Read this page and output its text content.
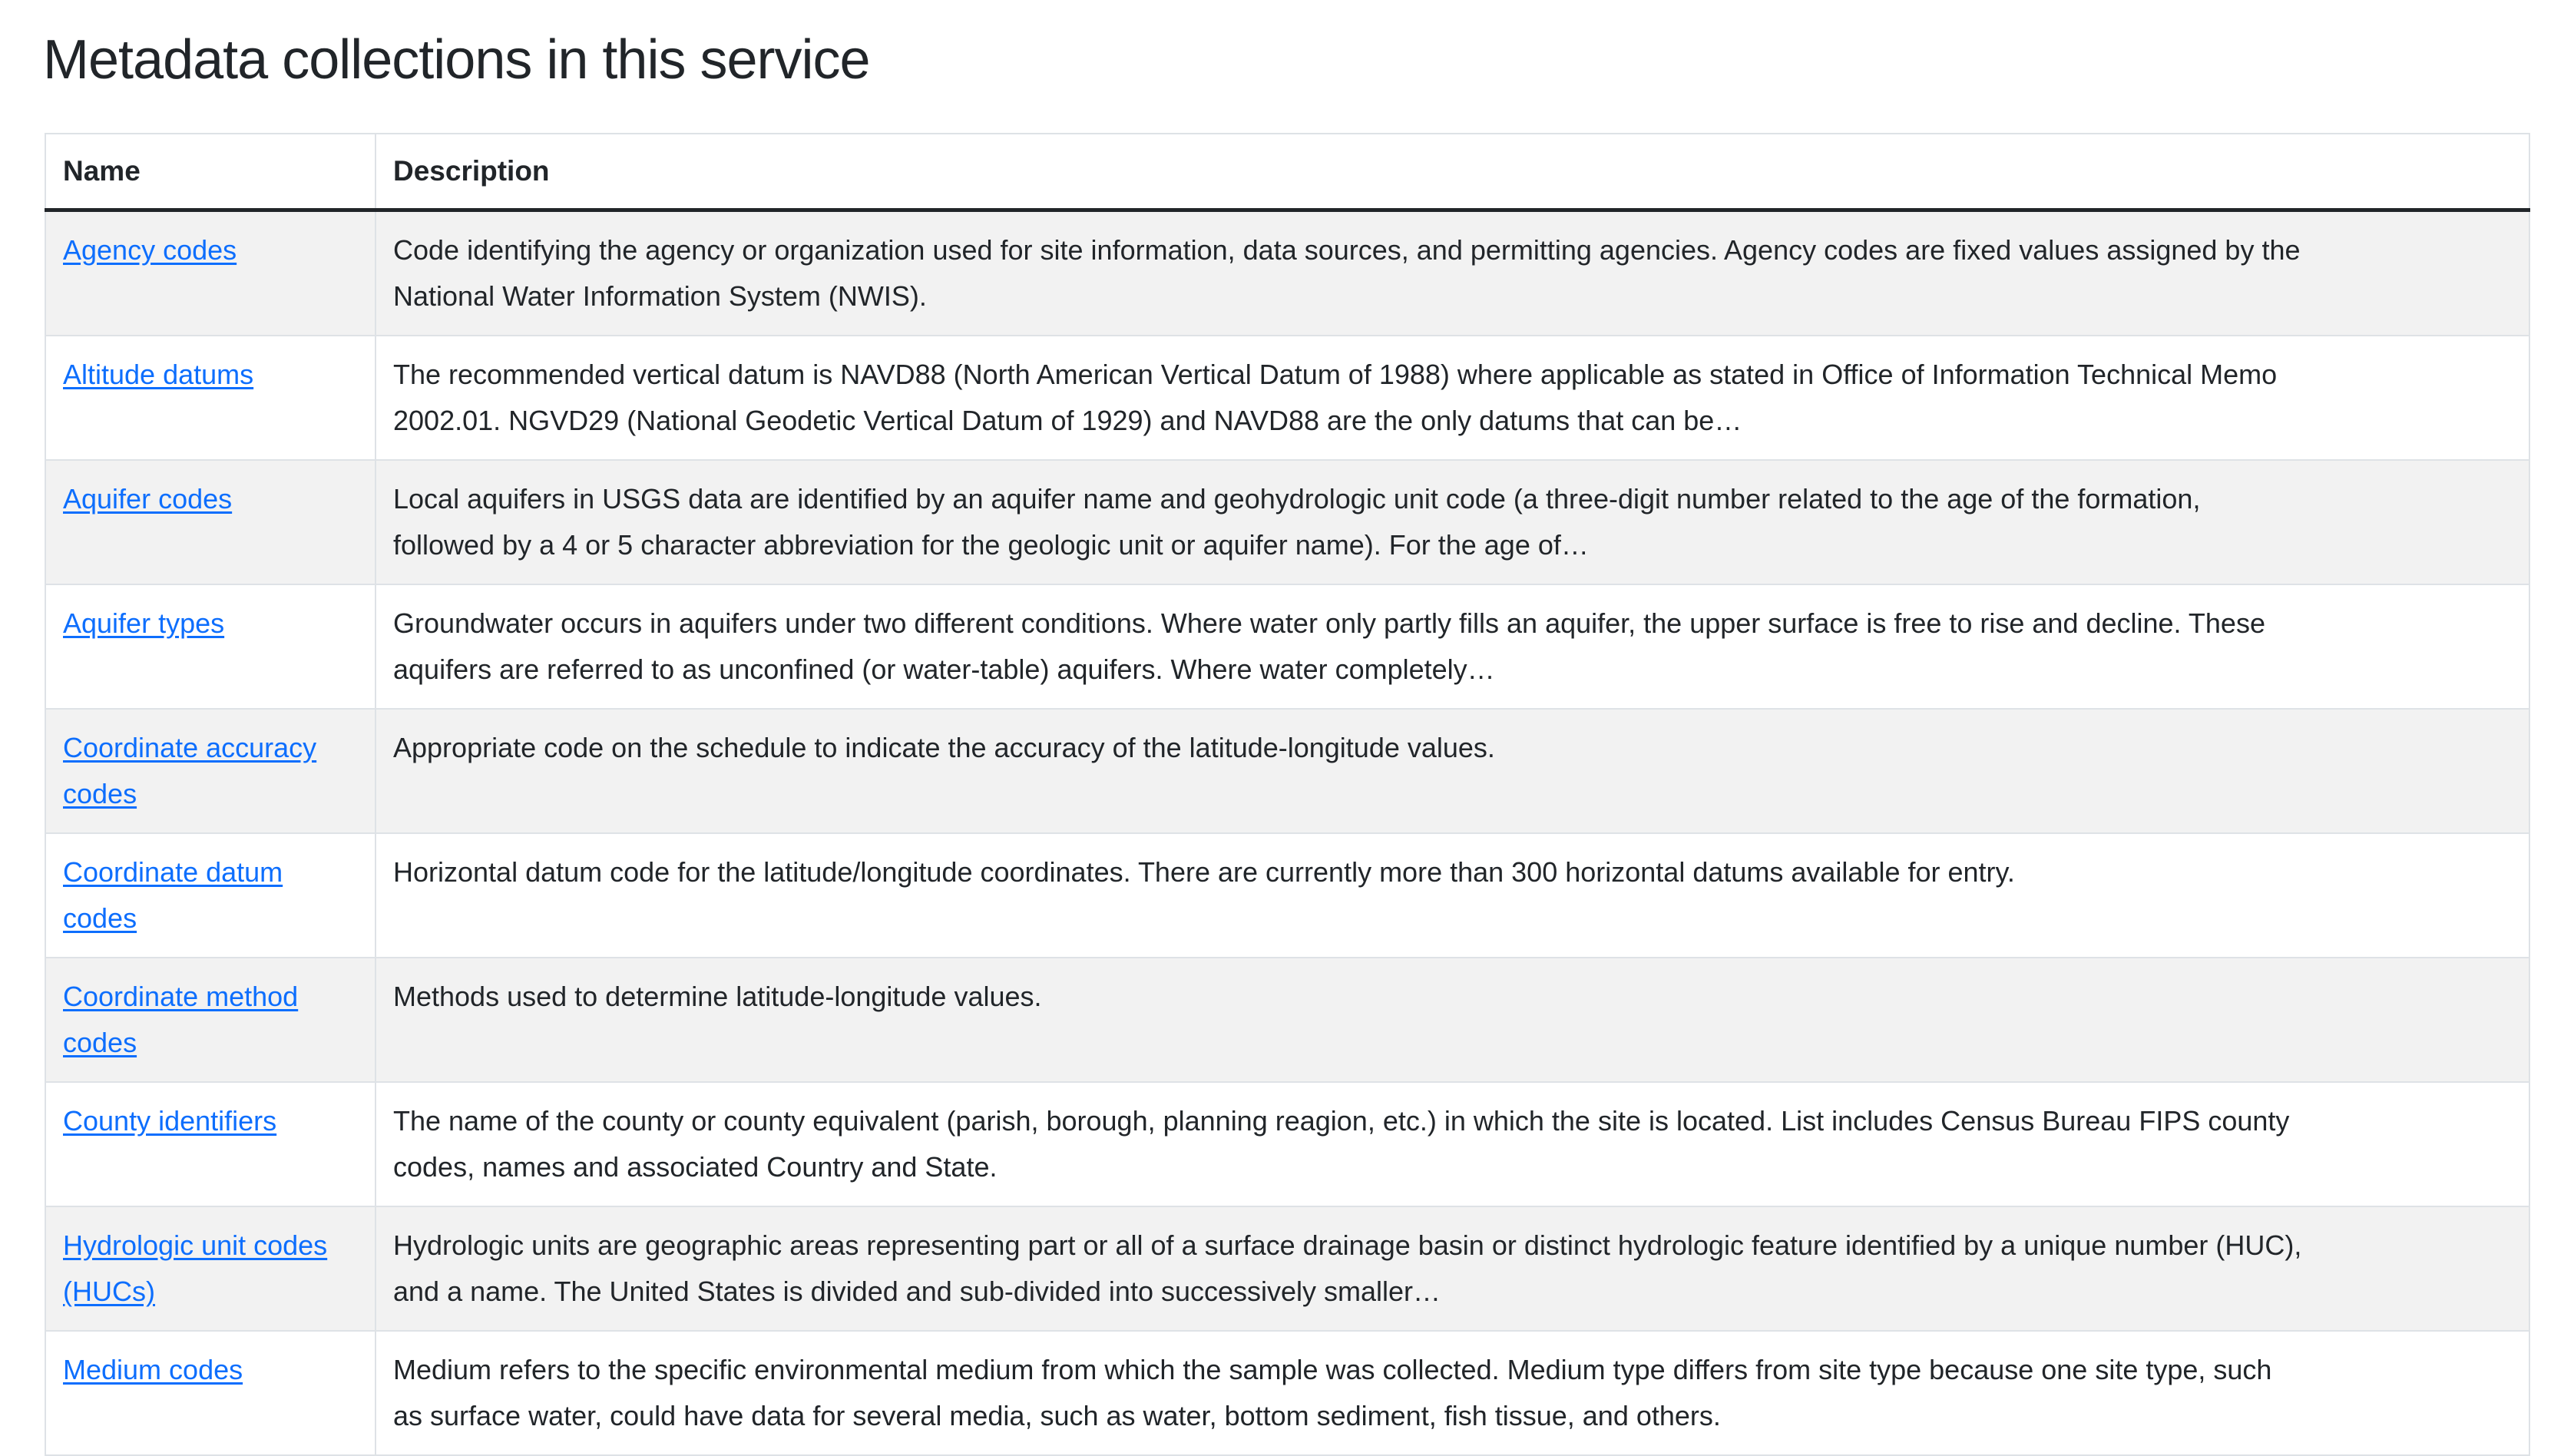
Metadata collections in this service
Name	Description

Agency codes	Code identifying the agency or organization used for site information, data sources, and permitting agencies. Agency codes are fixed values assigned by the
National Water Information System (NWIS).

Altitude datums	The recommended vertical datum is NAVD88 (North American Vertical Datum of 1988) where applicable as stated in Office of Information Technical Memo
2002.01. NGVD29 (National Geodetic Vertical Datum of 1929) and NAVD88 are the only datums that can be…

Aquifer codes	Local aquifers in USGS data are identified by an aquifer name and geohydrologic unit code (a three-digit number related to the age of the formation,
followed by a 4 or 5 character abbreviation for the geologic unit or aquifer name). For the age of…

Aquifer types	Groundwater occurs in aquifers under two different conditions. Where water only partly fills an aquifer, the upper surface is free to rise and decline. These
aquifers are referred to as unconfined (or water-table) aquifers. Where water completely…

Coordinate accuracy
codes	Appropriate code on the schedule to indicate the accuracy of the latitude-longitude values.

Coordinate datum
codes	Horizontal datum code for the latitude/longitude coordinates. There are currently more than 300 horizontal datums available for entry.

Coordinate method
codes	Methods used to determine latitude-longitude values.

County identifiers	The name of the county or county equivalent (parish, borough, planning reagion, etc.) in which the site is located. List includes Census Bureau FIPS county
codes, names and associated Country and State.

Hydrologic unit codes
(HUCs)	Hydrologic units are geographic areas representing part or all of a surface drainage basin or distinct hydrologic feature identified by a unique number (HUC),
and a name. The United States is divided and sub-divided into successively smaller…

Medium codes	Medium refers to the specific environmental medium from which the sample was collected. Medium type differs from site type because one site type, such
as surface water, could have data for several media, such as water, bottom sediment, fish tissue, and others.
